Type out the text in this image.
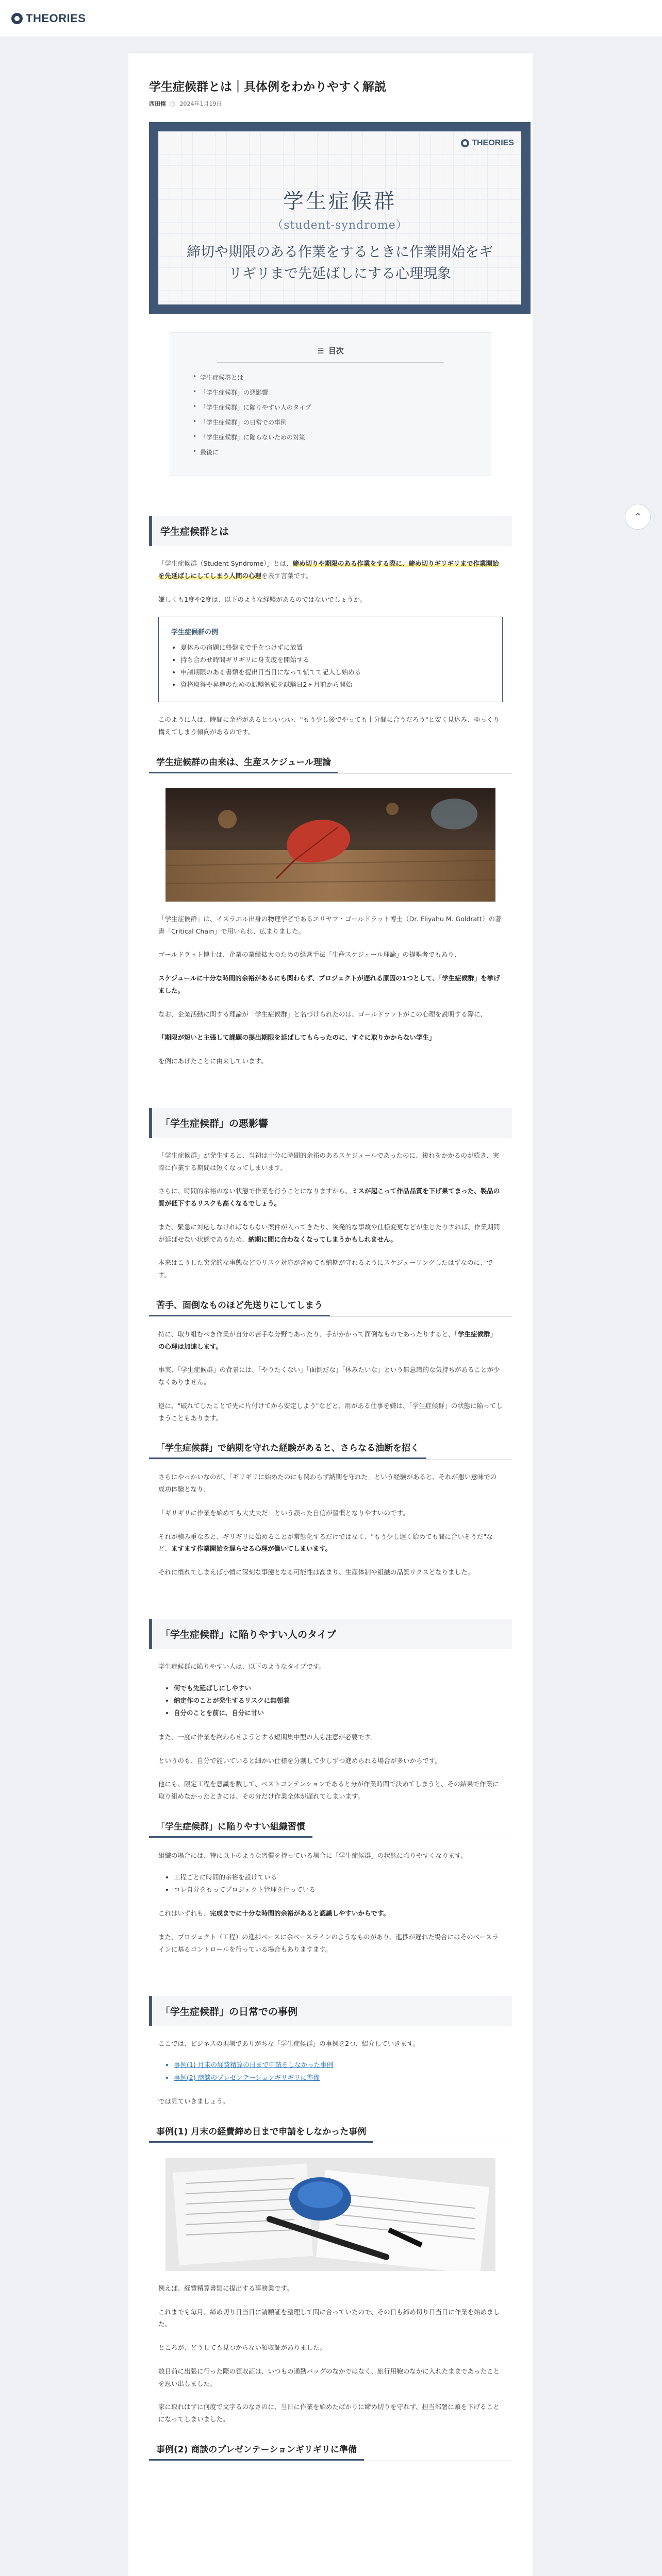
THEORIES
学生症候群とは｜具体例をわかりやすく解説
西田慎 ◷ 2024年1月19日
THEORIES
学生症候群
（student-syndrome）
締切や期限のある作業をするときに作業開始をギリギリまで先延ばしにする心理現象
☰ 目次
• 学生症候群とは
• 「学生症候群」の悪影響
• 「学生症候群」に陥りやすい人のタイプ
• 「学生症候群」の日常での事例
• 「学生症候群」に陥らないための対策
• 最後に
学生症候群とは

「学生症候群（Student Syndrome）」とは、締め切りや期限のある作業をする際に、締め切りギリギリまで作業開始を先延ばしにしてしまう人間の心理を表す言葉です。

嫌しくも1度や2度は、以下のような経験があるのではないでしょうか。

学生症候群の例
• 夏休みの宿題に終盤まで手をつけずに放置
• 持ち合わせ時間ギリギリに身支度を開始する
• 申請期限のある書類を提出日当日になって慌てて記入し始める
• 資格取得や昇進のための試験勉強を試験日2ヶ月前から開始

このように人は、時間に余裕があるとついつい、"もう少し後でやっても十分間に合うだろう"と安く見込み、ゆっくり構えてしまう傾向があるのです。

学生症候群の由来は、生産スケジュール理論

「学生症候群」は、イスラエル出身の物理学者であるエリヤフ・ゴールドラット博士（Dr. Eliyahu M. Goldratt）の著書「Critical Chain」で用いられ、広まりました。

ゴールドラット博士は、企業の業績拡大のための経営手法「生産スケジュール理論」の提唱者でもあり、

スケジュールに十分な時間的余裕があるにも関わらず、プロジェクトが遅れる原因の1つとして、「学生症候群」を挙げました。

なお、企業活動に関する理論が「学生症候群」と名づけられたのは、ゴールドラットがこの心理を説明する際に、

「期限が短いと主張して課題の提出期限を延ばしてもらったのに、すぐに取りかからない学生」

を例にあげたことに由来しています。

「学生症候群」の悪影響

「学生症候群」が発生すると、当初は十分に時間的余裕のあるスケジュールであったのに、後れをかかるのが続き、実際に作業する期間は短くなってしまいます。

さらに、時間的余裕のない状態で作業を行うことになりますから、ミスが起こって作品品質を下げ果てまった、製品の質が低下するリスクも高くなるでしょう。

また、緊急に対応しなければならない案件が入ってきたり、突発的な事故や仕様変更などが生じたりすれば、作業期間が延ばせない状態であるため、納期に間に合わなくなってしまうかもしれません。

本来はこうした突発的な事態などのリスク対応が含めても納期が守れるようにスケジューリングしたはずなのに、です。

苦手、面倒なものほど先送りにしてしまう

特に、取り組むべき作業が自分の苦手な分野であったり、手がかかって面倒なものであったりすると、「学生症候群」の心理は加速します。

事実、「学生症候群」の背景には、「やりたくない」「面倒だな」「休みたいな」という無意識的な気持ちがあることが少なくありません。

逆に、"破れてしたことで先に片付けてから安定しよう"などと、用がある仕事を嫌は、「学生症候群」の状態に陥ってしまうこともあります。

「学生症候群」で納期を守れた経験があると、さらなる油断を招く

さらにやっかいなのが、「ギリギリに始めたのにも関わらず納期を守れた」という経験があると、それが悪い意味での成功体験となり、

「ギリギリに作業を始めても大丈夫だ」という誤った自信が習慣となりやすいのです。

それが積み重なると、ギリギリに始めることが常態化するだけではなく、"もう少し遅く始めても間に合いそうだ"など、ますます作業開始を遅らせる心理が働いてしまいます。

それに慣れてしまえば小慣に深刻な事態となる可能性は高まり、生産体制や組織の品質リクスとなりました。

「学生症候群」に陥りやすい人のタイプ

学生症候群に陥りやすい人は、以下のようなタイプです。

• 何でも先延ばしにしやすい
• 納定作のことが発生するリスクに無頓着
• 自分のことを前に、自分に甘い

また、一度に作業を終わらせようとする短期集中型の人も注意が必要です。

というのも、自分で能いていると細かい仕様を分割して少しずつ進められる場合が多いからです。

他にも、限定工程を意識を数して、ベストコンテンションであると分が作業時間で決めてしまうと、その結果で作業に取り組めなかったときには、その分だけ作業全体が遅れてしまいます。

「学生症候群」に陥りやすい組織習慣

組織の場合には、特に以下のような習慣を持っている場合に「学生症候群」の状態に陥りやすくなります。

• 工程ごとに時間的余裕を設けている
• コレ自分をもってプロジェクト管理を行っている

これはいずれも、完成までに十分な時間的余裕があると認識しやすいからです。

また、プロジェクト（工程）の進捗ベースに余ベースラインのようなものがあり、進捗が遅れた場合にはそのベースラインに基るコントロールを行っている場合もありますます。

「学生症候群」の日常での事例

ここでは、ビジネスの現場でありがちな「学生症候群」の事例を2つ、紹介していきます。

• 事例(1) 月末の経費精算の日まで申請をしなかった事例
• 事例(2) 商談のプレゼンテーションギリギリに準備

では見ていきましょう。

事例(1) 月末の経費締め日まで申請をしなかった事例

例えば、経費精算書類に提出する事務業です。

これまでも毎月、締め切り日当日に請願証を整理して間に合っていたので、その日も締め切り日当日に作業を始めました。

ところが、どうしても見つからない領収証がありました。

数日前に出張に行った際の領収証は、いつもの通勤バッグのなかではなく、旅行用鞄のなかに入れたままであったことを思い出しました。

家に取れはずに何度で文字るのなさのに、当日に作業を始めたばかりに締め切りを守れず、担当部署に頭を下げることになってしまいました。

事例(2) 商談のプレゼンテーションギリギリに準備
⌃
